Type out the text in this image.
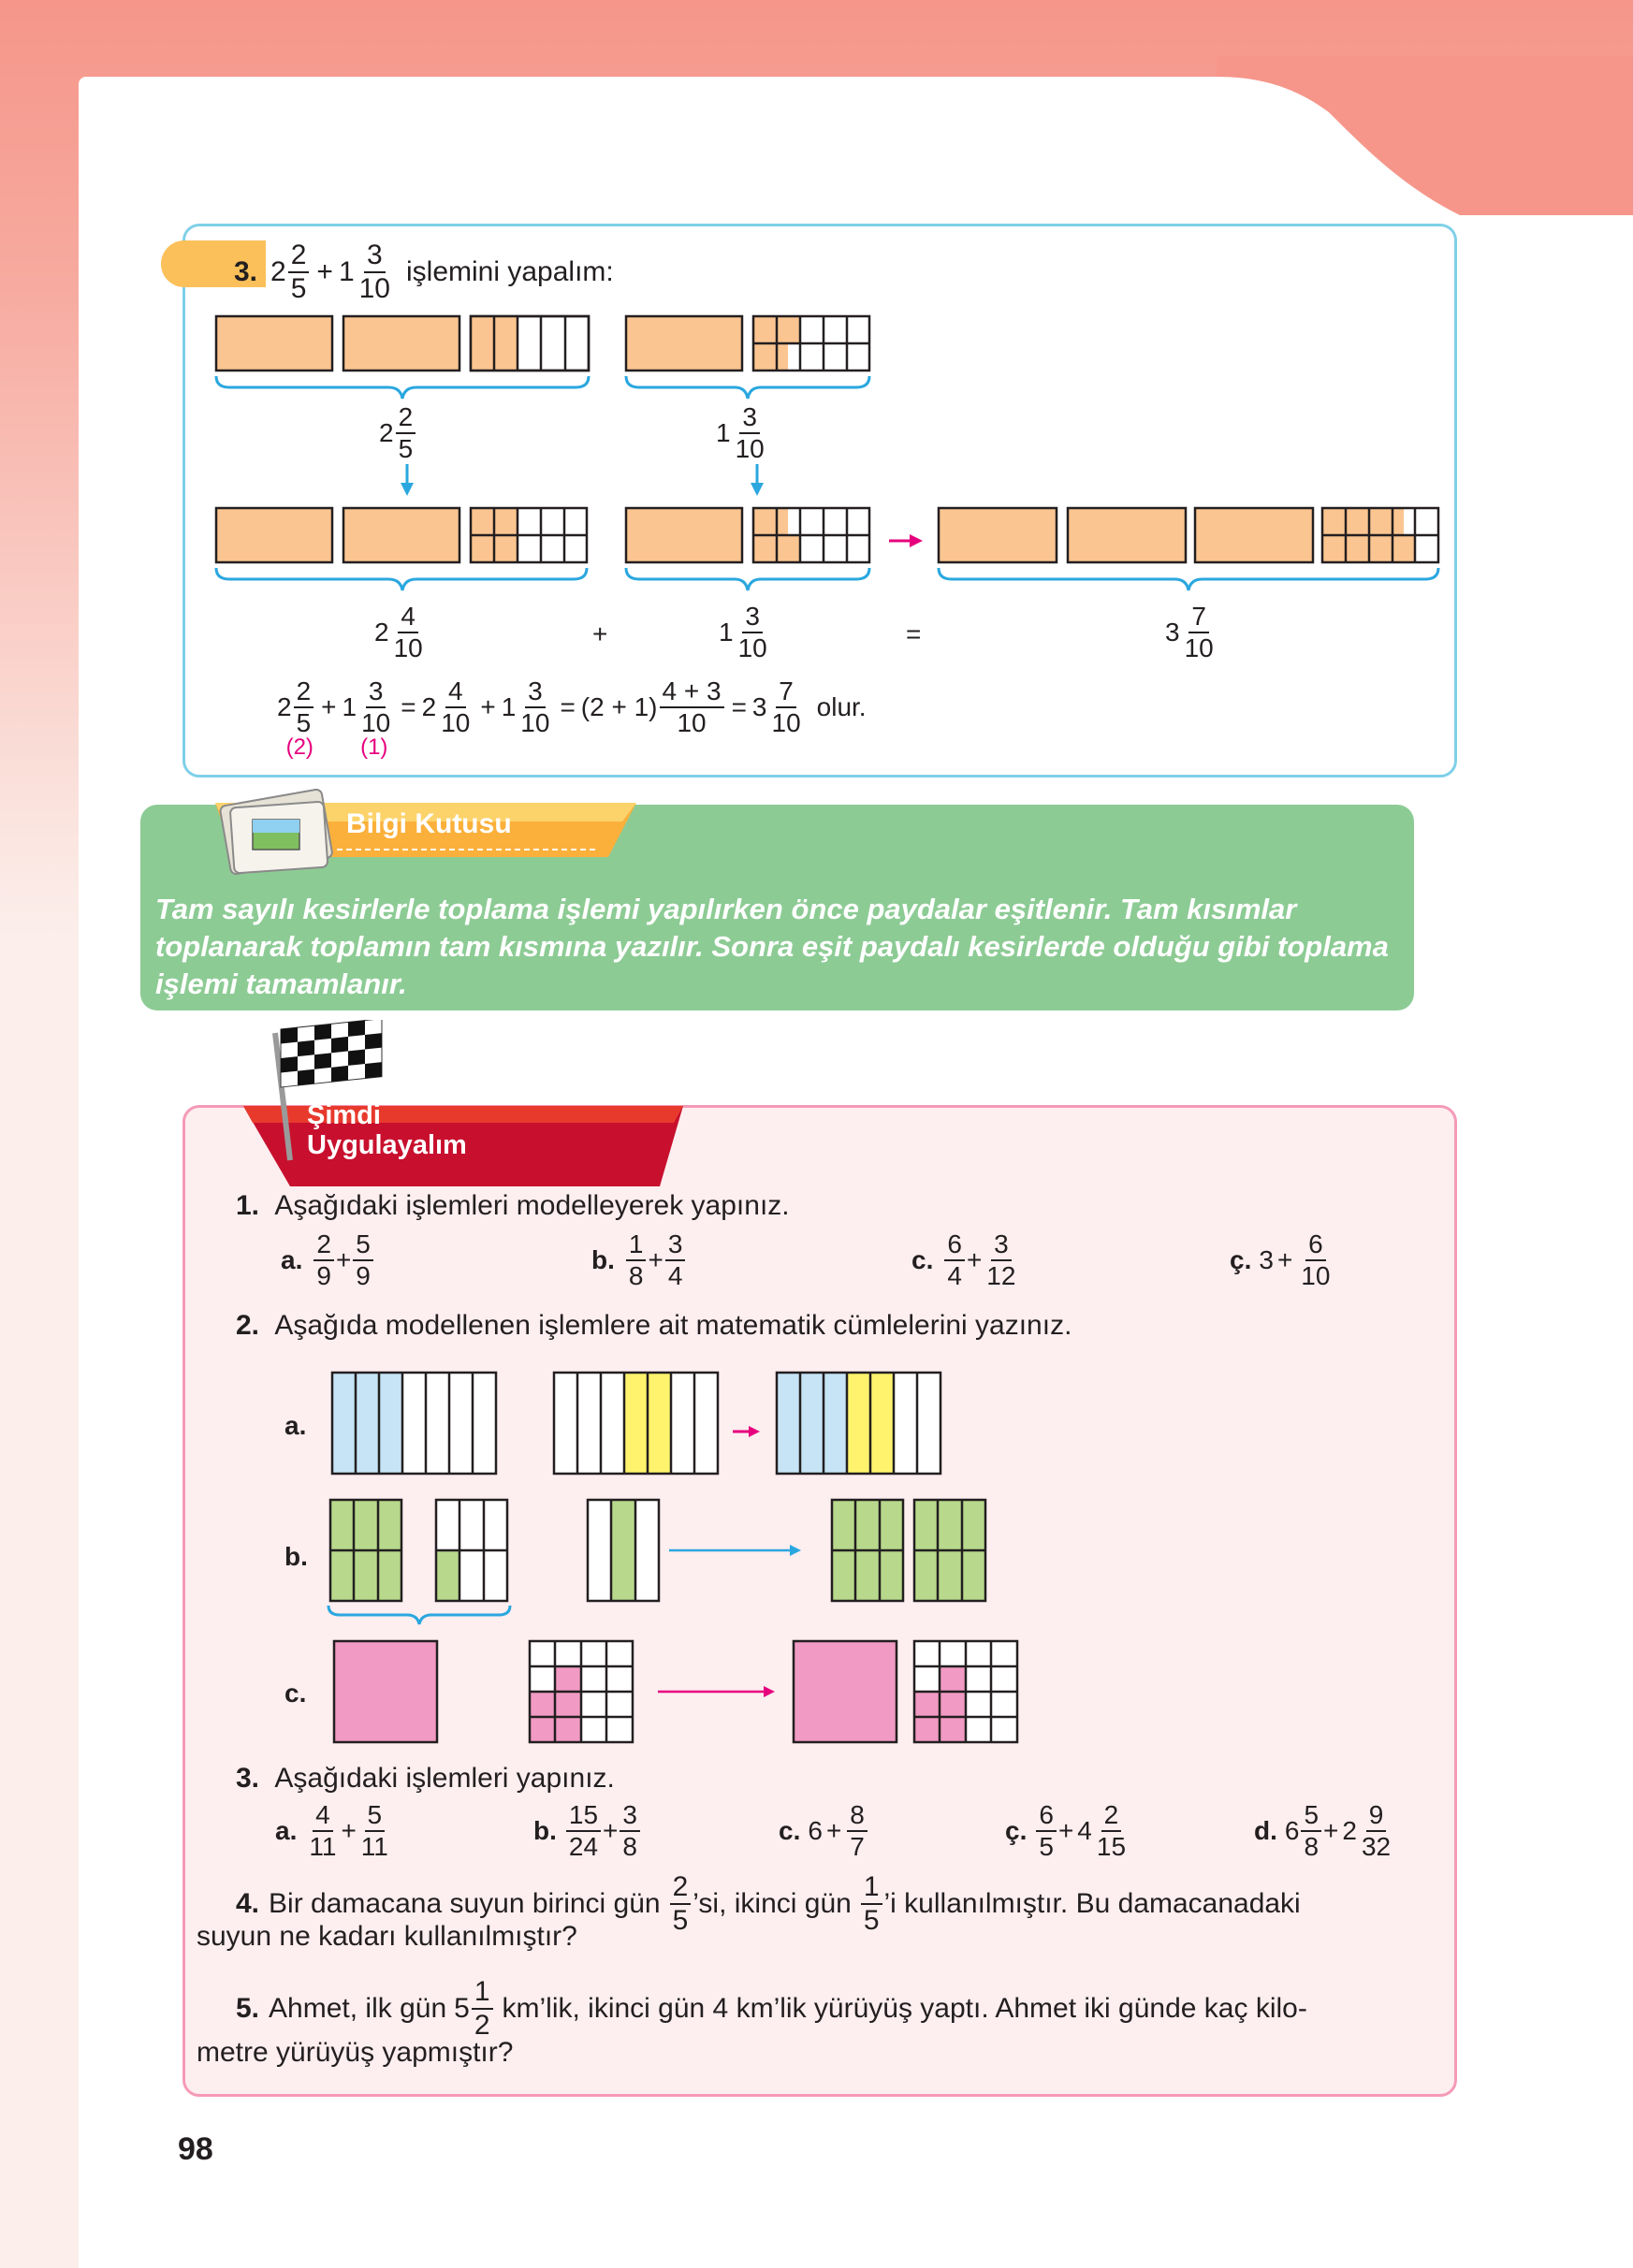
3. $2 \frac{2}{5} + 1 \frac{3}{10}$ işlemini yapalım:
$2 \frac{2}{5}$	$1 \frac{3}{10}$
$2 \frac{4}{10}$	+	$1 \frac{3}{10}$	=	$3 \frac{7}{10}$
2
2
5
(2)
+ 1
3
10
(1)
= $2 \frac{4}{10} + 1 \frac{3}{10} = (2 + 1) \frac{4 + 3}{10} = 3 \frac{7}{10}$ olur.
Bilgi Kutusu
Tam sayılı kesirlerle toplama işlemi yapılırken önce paydalar eşitlenir. Tam kısımlar toplanarak toplamın tam kısmına yazılır. Sonra eşit paydalı kesirlerde olduğu gibi toplama işlemi tamamlanır.
Şimdi
Uygulayalım
1. Aşağıdaki işlemleri modelleyerek yapınız.
a. $\frac{2}{9} + \frac{5}{9}$	b. $\frac{1}{8} + \frac{3}{4}$	c. $\frac{6}{4} + \frac{3}{12}$	ç. $3 + \frac{6}{10}$
2. Aşağıda modellenen işlemlere ait matematik cümlelerini yazınız.
a.
b.
c.
3. Aşağıdaki işlemleri yapınız.
a. $\frac{4}{11} + \frac{5}{11}$	b. $\frac{15}{24} + \frac{3}{8}$	c. $6 + \frac{8}{7}$	ç. $\frac{6}{5} + 4 \frac{2}{15}$	d. $6 \frac{5}{8} + 2 \frac{9}{32}$
4. Bir damacana suyun birinci gün $\frac{2}{5}$ ’si, ikinci gün $\frac{1}{5}$ ’i kullanılmıştır. Bu damacanadaki
suyun ne kadarı kullanılmıştır?
5. Ahmet, ilk gün $5 \frac{1}{2}$ km’lik, ikinci gün 4 km’lik yürüyüş yaptı. Ahmet iki günde kaç kilo-
metre yürüyüş yapmıştır?
98
